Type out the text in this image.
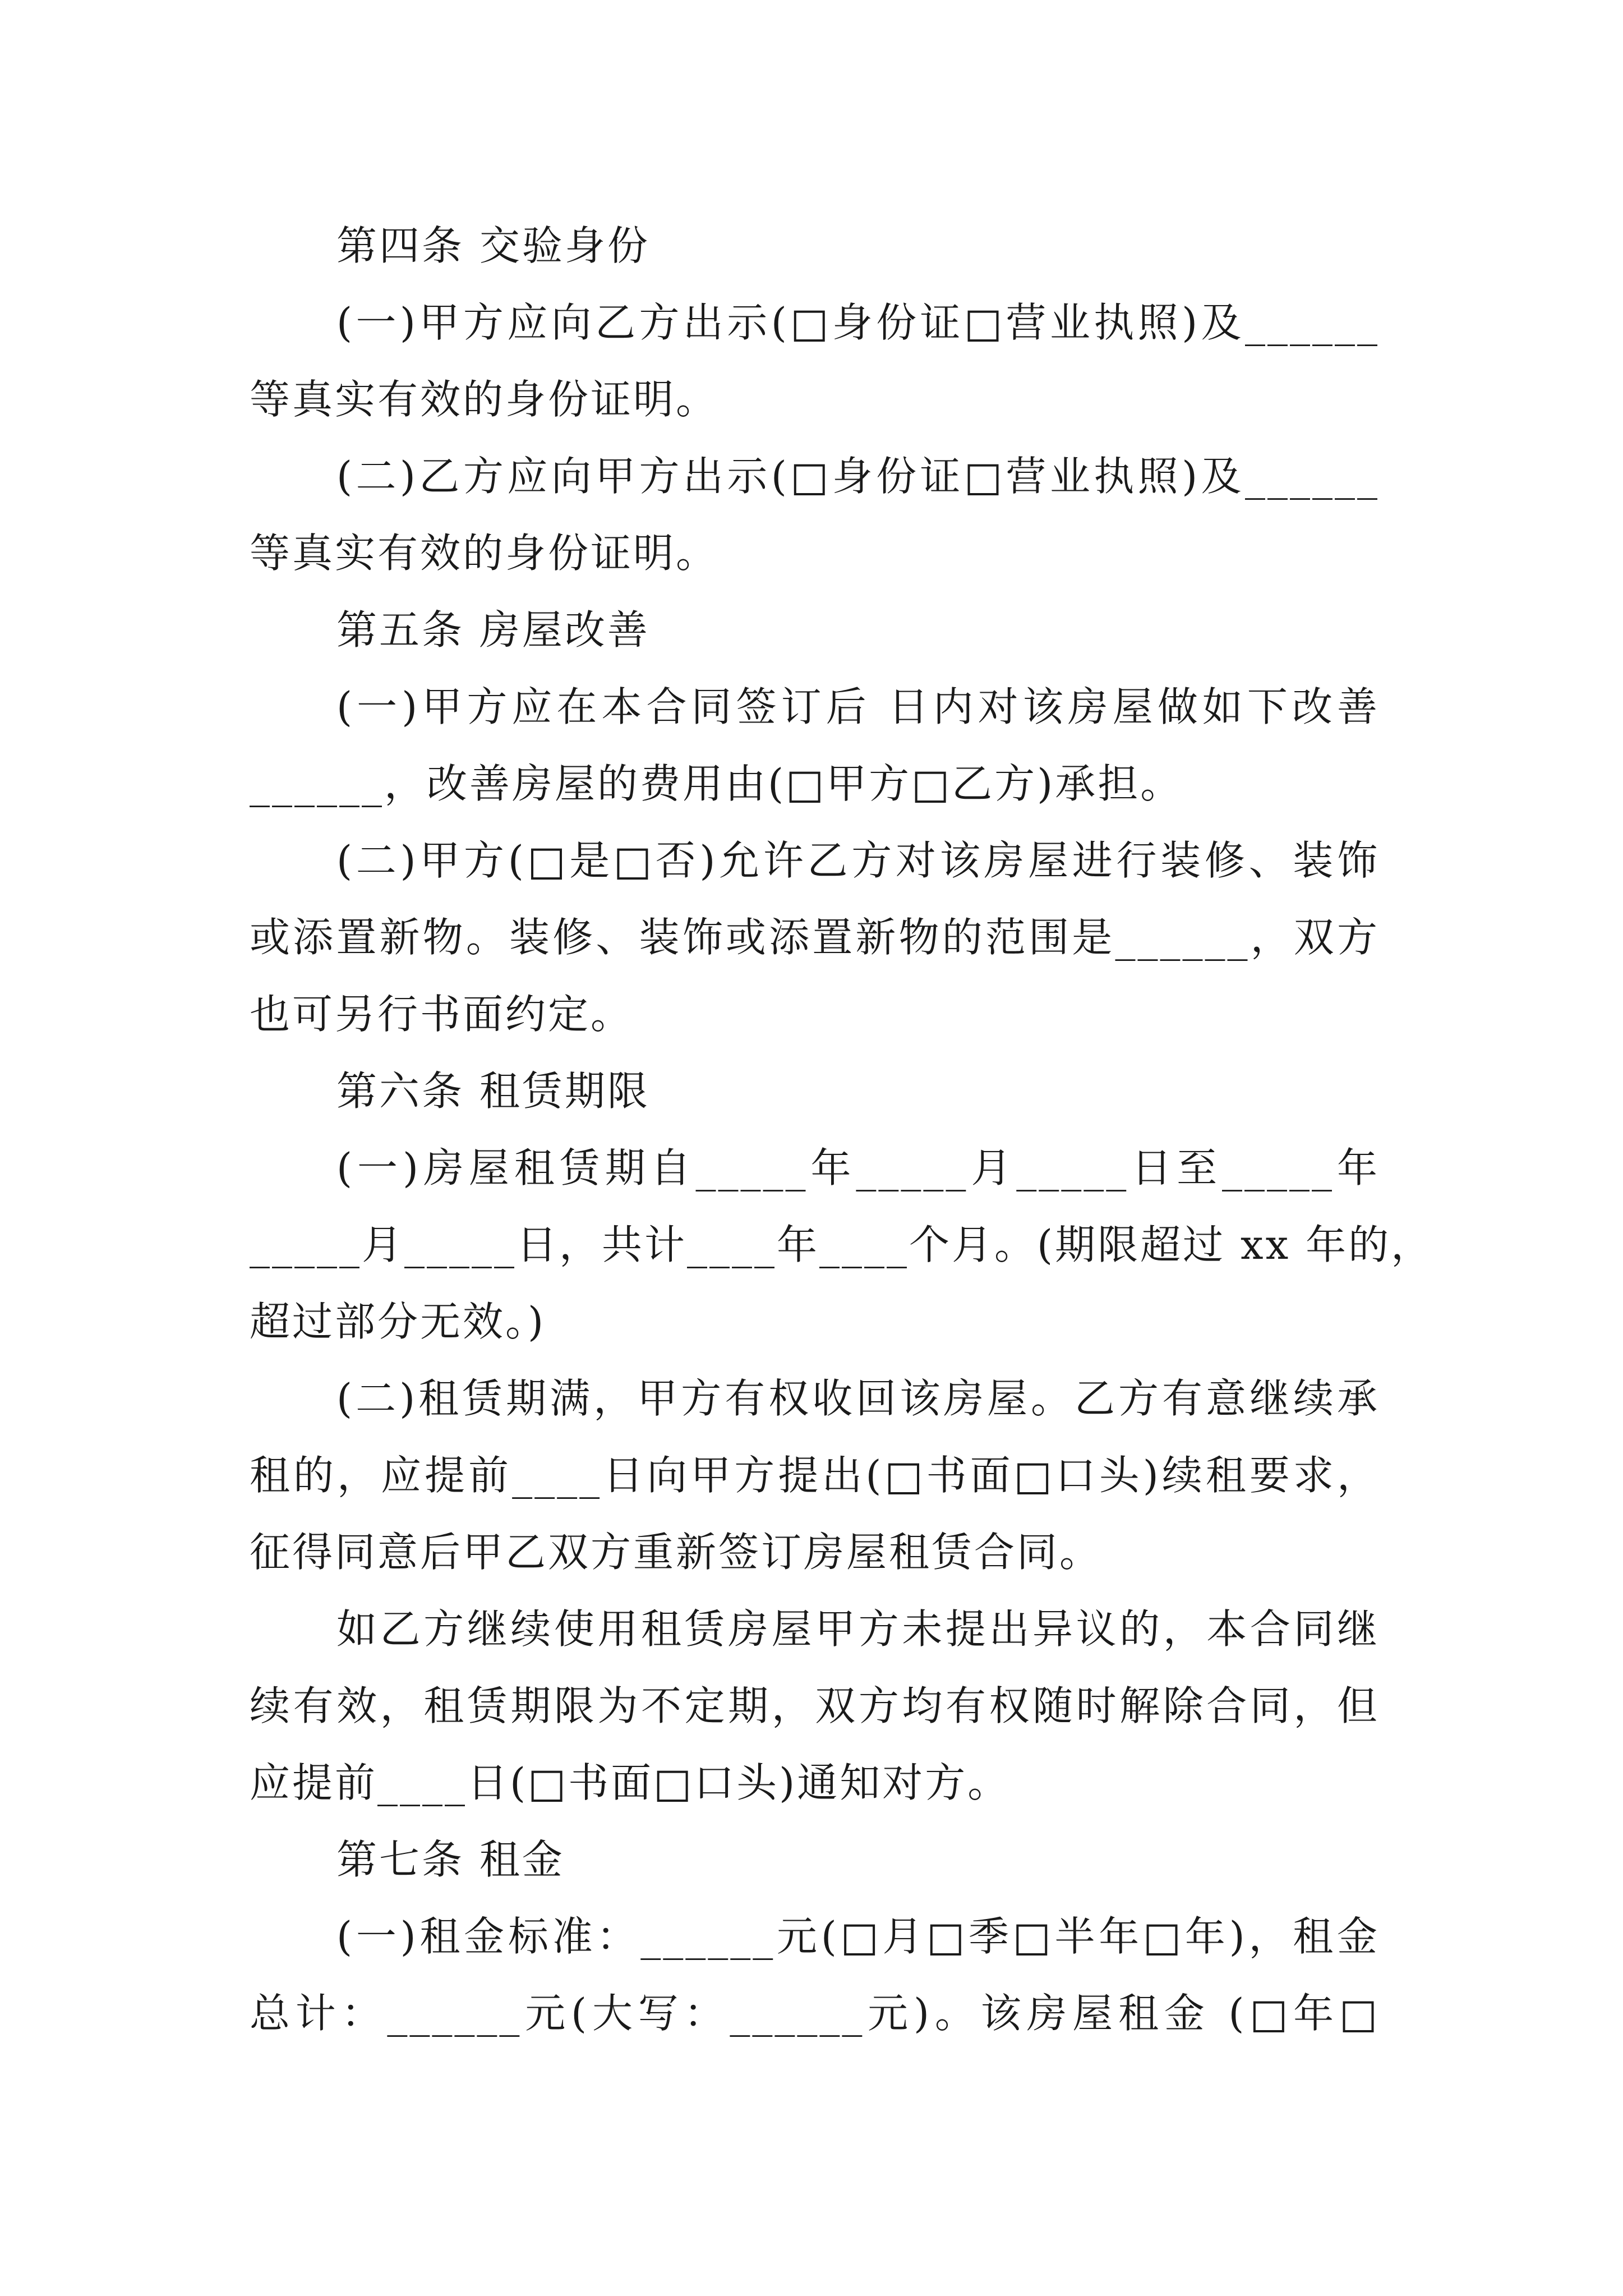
第四条 交验身份
(一)甲方应向乙方出示(□身份证□营业执照)及______
等真实有效的身份证明。
(二)乙方应向甲方出示(□身份证□营业执照)及______
等真实有效的身份证明。
第五条 房屋改善
(一)甲方应在本合同签订后 日内对该房屋做如下改善
______，改善房屋的费用由(□甲方□乙方)承担。
(二)甲方(□是□否)允许乙方对该房屋进行装修、装饰
或添置新物。装修、装饰或添置新物的范围是______，双方
也可另行书面约定。
第六条 租赁期限
(一)房屋租赁期自_____年_____月_____日至_____年
_____月_____日，共计____年____个月。(期限超过 xx 年的，
超过部分无效。)
(二)租赁期满，甲方有权收回该房屋。乙方有意继续承
租的，应提前____日向甲方提出(□书面□口头)续租要求，
征得同意后甲乙双方重新签订房屋租赁合同。
如乙方继续使用租赁房屋甲方未提出异议的，本合同继
续有效，租赁期限为不定期，双方均有权随时解除合同，但
应提前____日(□书面□口头)通知对方。
第七条 租金
(一)租金标准：______元(□月□季□半年□年)，租金
总计：______元(大写：______元)。该房屋租金 (□年□
